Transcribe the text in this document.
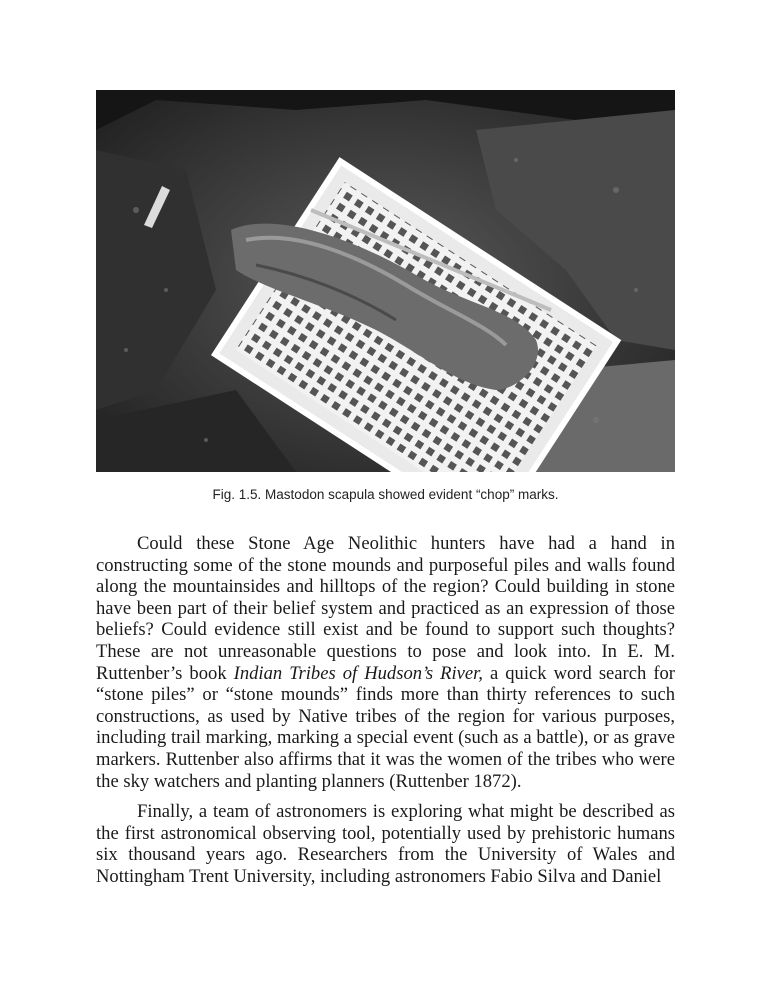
Fig. 1.5. Mastodon scapula showed evident “chop” marks.

Could these Stone Age Neolithic hunters have had a hand in constructing some of the stone mounds and purposeful piles and walls found along the mountainsides and hilltops of the region? Could building in stone have been part of their belief system and practiced as an expression of those beliefs? Could evidence still exist and be found to support such thoughts? These are not unreasonable questions to pose and look into. In E. M. Ruttenber’s book Indian Tribes of Hudson’s River, a quick word search for “stone piles” or “stone mounds” finds more than thirty references to such constructions, as used by Native tribes of the region for various purposes, including trail marking, marking a special event (such as a battle), or as grave markers. Ruttenber also affirms that it was the women of the tribes who were the sky watchers and planting planners (Ruttenber 1872).

Finally, a team of astronomers is exploring what might be described as the first astronomical observing tool, potentially used by prehistoric humans six thousand years ago. Researchers from the University of Wales and Nottingham Trent University, including astronomers Fabio Silva and Daniel
